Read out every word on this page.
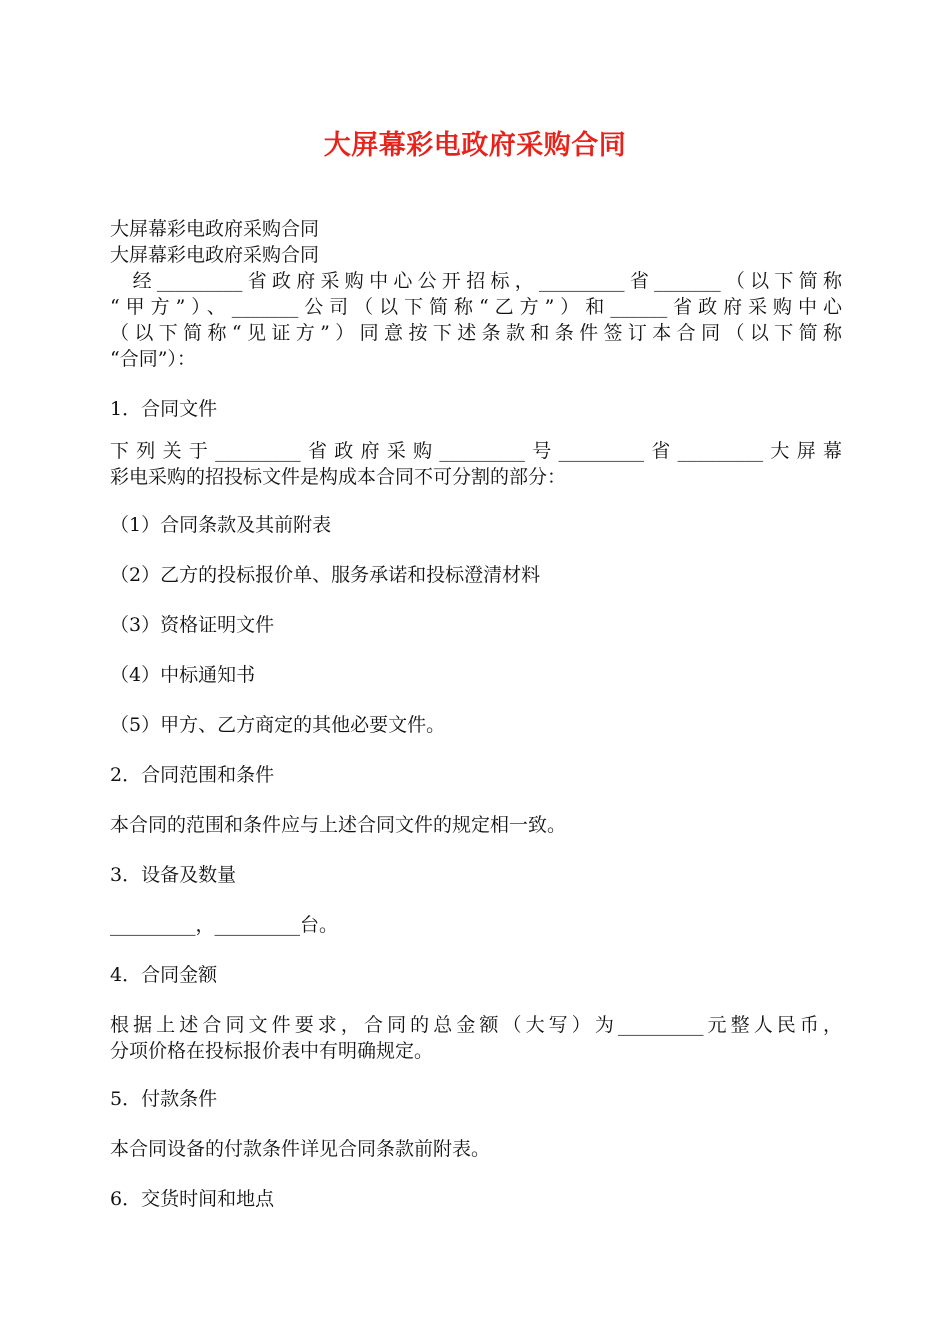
大屏幕彩电政府采购合同
大屏幕彩电政府采购合同
大屏幕彩电政府采购合同
经_________省政府采购中心公开招标，_________省_______（以下简称
“甲方”）、_______公司（以下简称“乙方”）和______省政府采购中心
（以下简称“见证方”）同意按下述条款和条件签订本合同（以下简称
“合同”）：
1．合同文件
下列关于_________省政府采购_________号_________省_________大屏幕
彩电采购的招投标文件是构成本合同不可分割的部分：
（1）合同条款及其前附表
（2）乙方的投标报价单、服务承诺和投标澄清材料
（3）资格证明文件
（4）中标通知书
（5）甲方、乙方商定的其他必要文件。
2．合同范围和条件
本合同的范围和条件应与上述合同文件的规定相一致。
3．设备及数量
_________，_________台。
4．合同金额
根据上述合同文件要求，合同的总金额（大写）为_________元整人民币，
分项价格在投标报价表中有明确规定。
5．付款条件
本合同设备的付款条件详见合同条款前附表。
6．交货时间和地点
